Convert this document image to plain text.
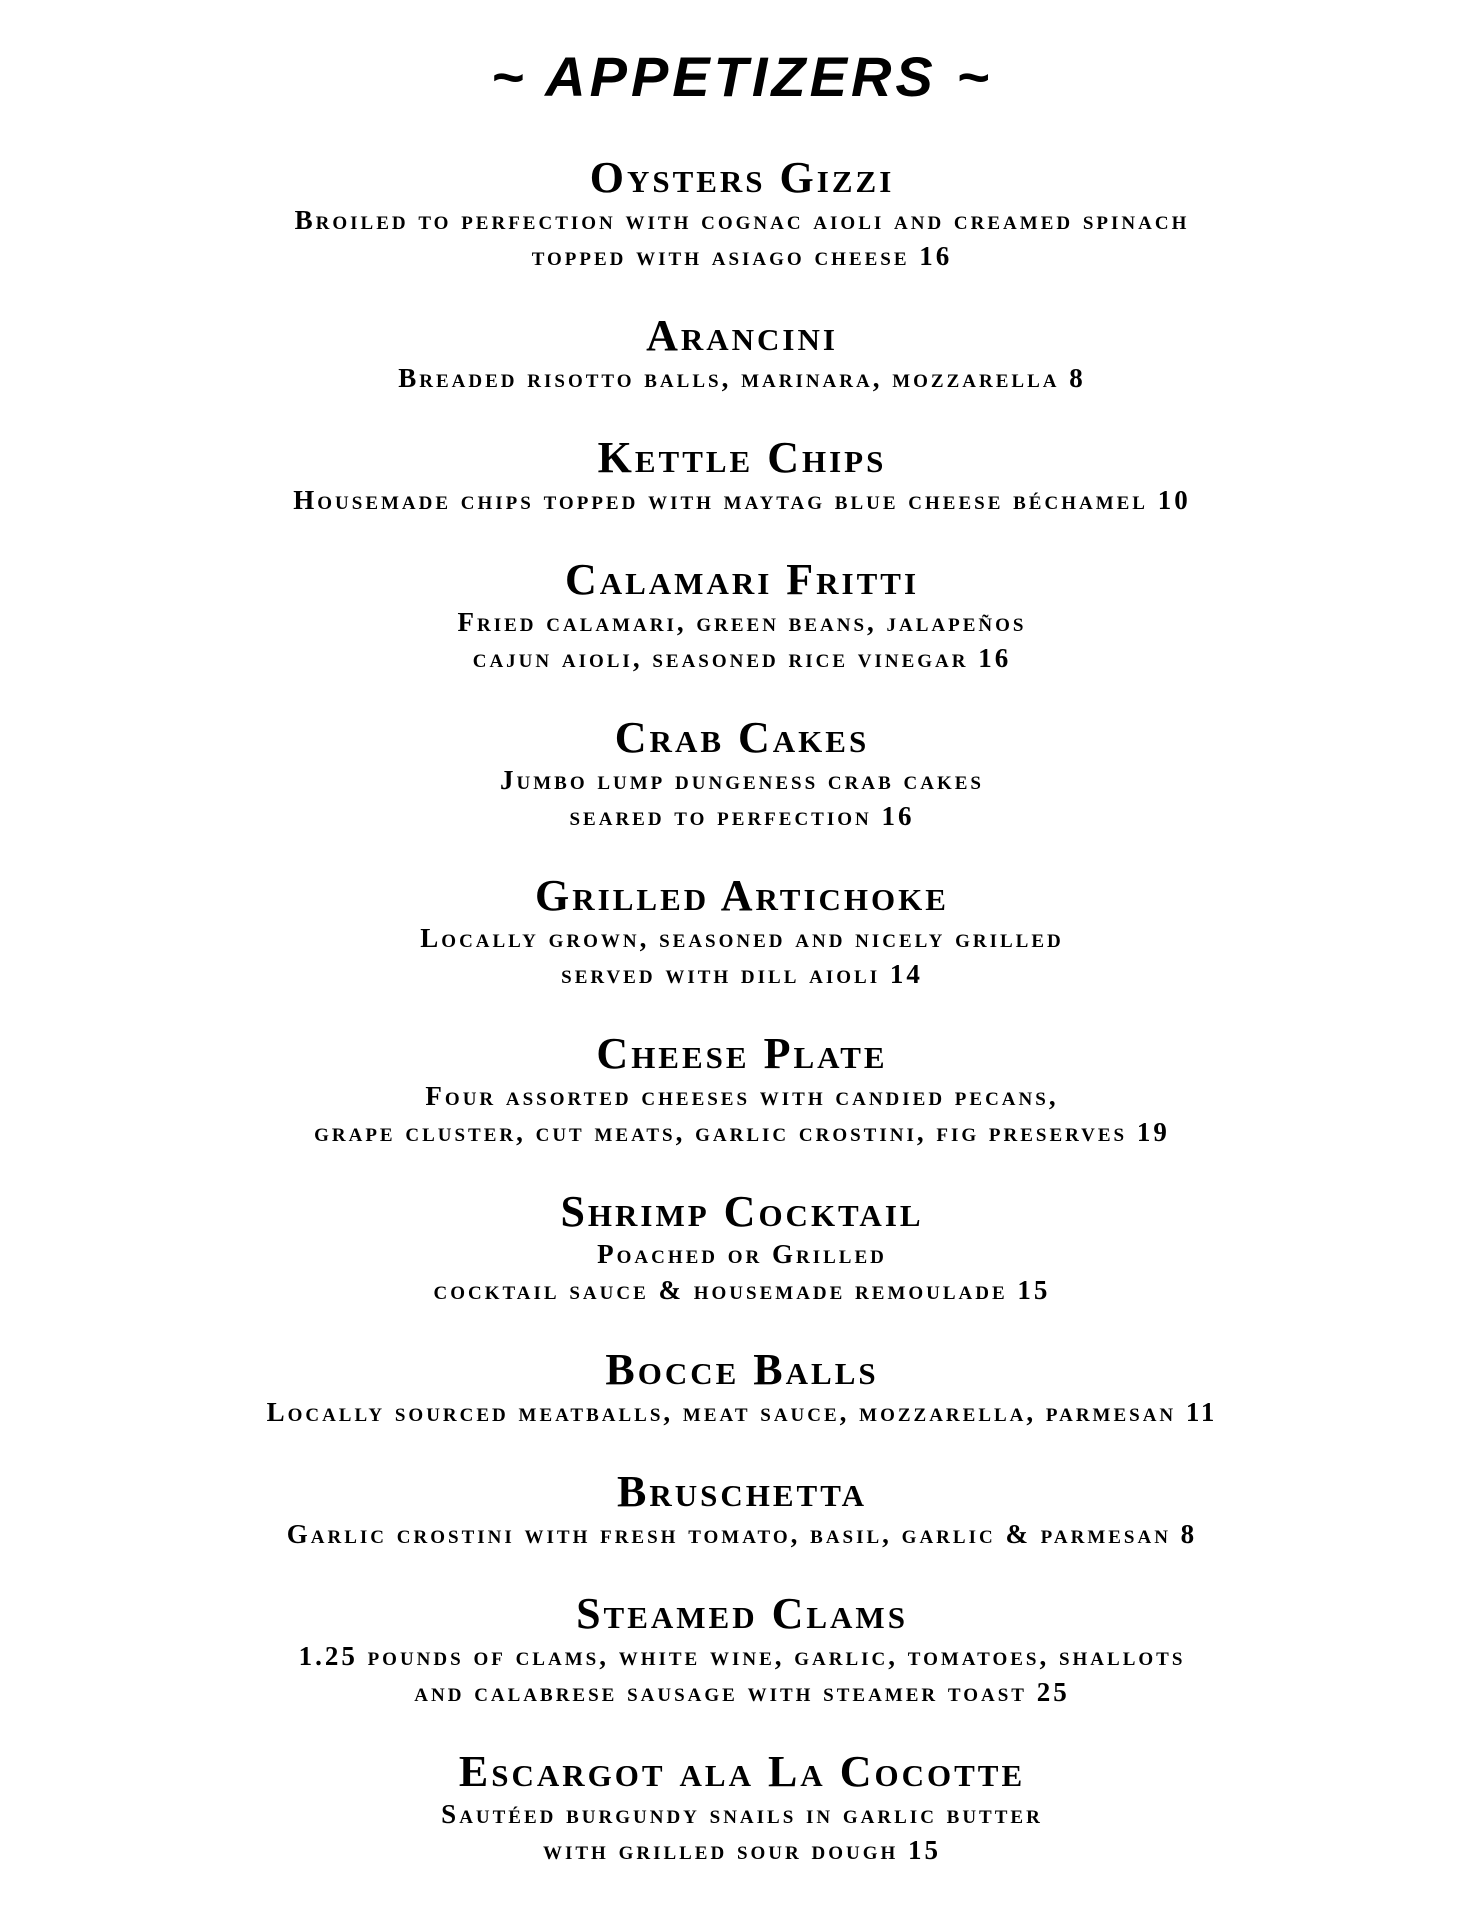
~ APPETIZERS ~
Oysters Gizzi
Broiled to perfection with cognac aioli and creamed spinach
topped with asiago cheese 16
Arancini
Breaded risotto balls, marinara, mozzarella 8
Kettle Chips
Housemade chips topped with maytag blue cheese béchamel 10
Calamari Fritti
Fried calamari, green beans, jalapeños
cajun aioli, seasoned rice vinegar 16
Crab Cakes
Jumbo lump dungeness crab cakes
seared to perfection 16
Grilled Artichoke
Locally grown, seasoned and nicely grilled
served with dill aioli 14
Cheese Plate
Four assorted cheeses with candied pecans,
grape cluster, cut meats, garlic crostini, fig preserves 19
Shrimp Cocktail
Poached or Grilled
cocktail sauce & housemade remoulade 15
Bocce Balls
Locally sourced meatballs, meat sauce, mozzarella, parmesan 11
Bruschetta
Garlic crostini with fresh tomato, basil, garlic & parmesan 8
Steamed Clams
1.25 pounds of clams, white wine, garlic, tomatoes, shallots
and calabrese sausage with steamer toast 25
Escargot ala La Cocotte
Sautéed burgundy snails in garlic butter
with grilled sour dough 15
